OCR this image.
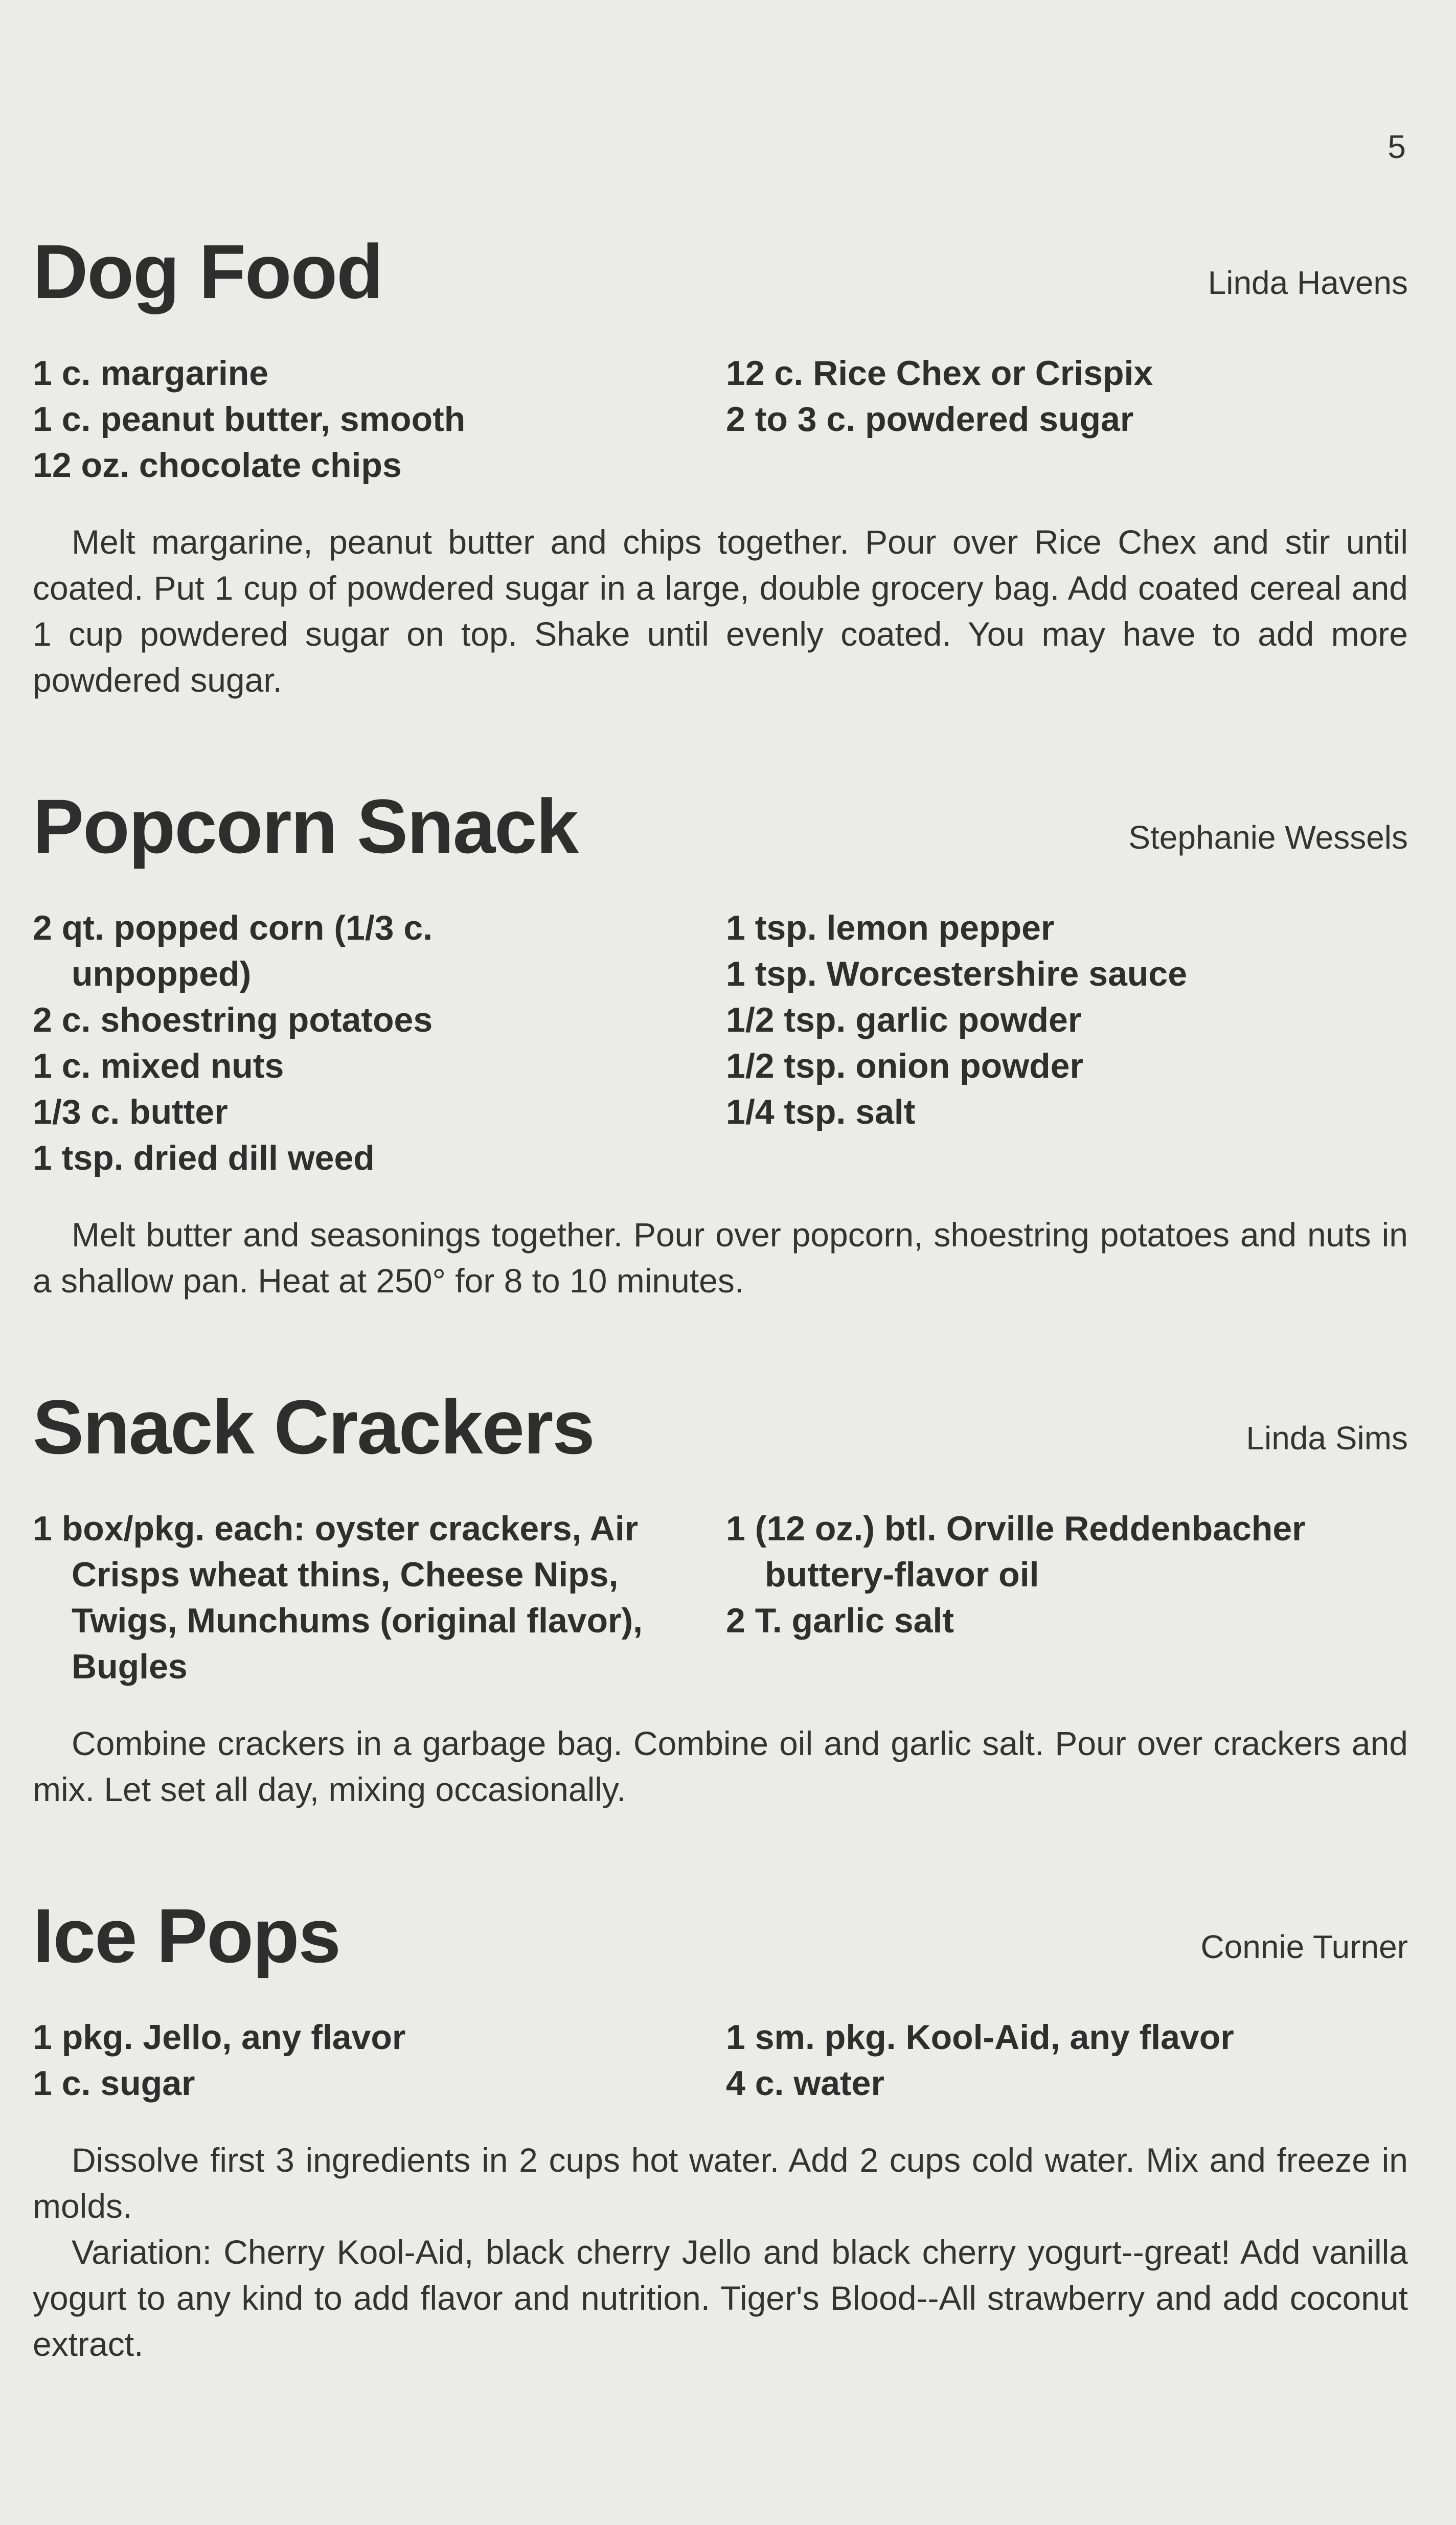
5
Dog Food	Linda Havens
1 c. margarine
1 c. peanut butter, smooth
12 oz. chocolate chips
12 c. Rice Chex or Crispix
2 to 3 c. powdered sugar

Melt margarine, peanut butter and chips together. Pour over Rice Chex and stir until coated. Put 1 cup of powdered sugar in a large, double grocery bag. Add coated cereal and 1 cup powdered sugar on top. Shake until evenly coated. You may have to add more powdered sugar.

Popcorn Snack	Stephanie Wessels
2 qt. popped corn (1/3 c. unpopped)
2 c. shoestring potatoes
1 c. mixed nuts
1/3 c. butter
1 tsp. dried dill weed
1 tsp. lemon pepper
1 tsp. Worcestershire sauce
1/2 tsp. garlic powder
1/2 tsp. onion powder
1/4 tsp. salt

Melt butter and seasonings together. Pour over popcorn, shoestring potatoes and nuts in a shallow pan. Heat at 250° for 8 to 10 minutes.

Snack Crackers	Linda Sims
1 box/pkg. each: oyster crackers, Air Crisps wheat thins, Cheese Nips, Twigs, Munchums (original flavor), Bugles
1 (12 oz.) btl. Orville Reddenbacher buttery-flavor oil
2 T. garlic salt

Combine crackers in a garbage bag. Combine oil and garlic salt. Pour over crackers and mix. Let set all day, mixing occasionally.

Ice Pops	Connie Turner
1 pkg. Jello, any flavor
1 c. sugar
1 sm. pkg. Kool-Aid, any flavor
4 c. water

Dissolve first 3 ingredients in 2 cups hot water. Add 2 cups cold water. Mix and freeze in molds.

Variation: Cherry Kool-Aid, black cherry Jello and black cherry yogurt--great! Add vanilla yogurt to any kind to add flavor and nutrition. Tiger's Blood--All strawberry and add coconut extract.
